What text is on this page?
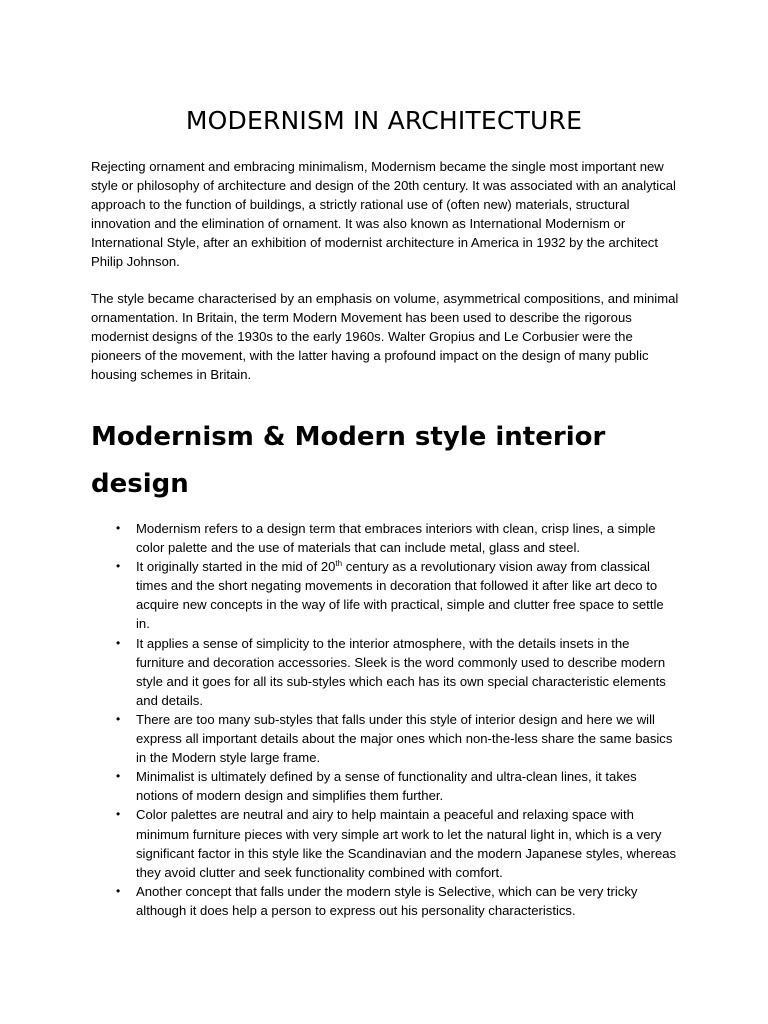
MODERNISM IN ARCHITECTURE

Rejecting ornament and embracing minimalism, Modernism became the single most important new style or philosophy of architecture and design of the 20th century. It was associated with an analytical approach to the function of buildings, a strictly rational use of (often new) materials, structural innovation and the elimination of ornament. It was also known as International Modernism or International Style, after an exhibition of modernist architecture in America in 1932 by the architect Philip Johnson.

The style became characterised by an emphasis on volume, asymmetrical compositions, and minimal ornamentation. In Britain, the term Modern Movement has been used to describe the rigorous modernist designs of the 1930s to the early 1960s. Walter Gropius and Le Corbusier were the pioneers of the movement, with the latter having a profound impact on the design of many public housing schemes in Britain.

Modernism & Modern style interior design
• Modernism refers to a design term that embraces interiors with clean, crisp lines, a simple color palette and the use of materials that can include metal, glass and steel.
• It originally started in the mid of 20th century as a revolutionary vision away from classical times and the short negating movements in decoration that followed it after like art deco to acquire new concepts in the way of life with practical, simple and clutter free space to settle in.
• It applies a sense of simplicity to the interior atmosphere, with the details insets in the furniture and decoration accessories. Sleek is the word commonly used to describe modern style and it goes for all its sub-styles which each has its own special characteristic elements and details.
• There are too many sub-styles that falls under this style of interior design and here we will express all important details about the major ones which non-the-less share the same basics in the Modern style large frame.
• Minimalist is ultimately defined by a sense of functionality and ultra-clean lines, it takes notions of modern design and simplifies them further.
• Color palettes are neutral and airy to help maintain a peaceful and relaxing space with minimum furniture pieces with very simple art work to let the natural light in, which is a very significant factor in this style like the Scandinavian and the modern Japanese styles, whereas they avoid clutter and seek functionality combined with comfort.
• Another concept that falls under the modern style is Selective, which can be very tricky although it does help a person to express out his personality characteristics.
